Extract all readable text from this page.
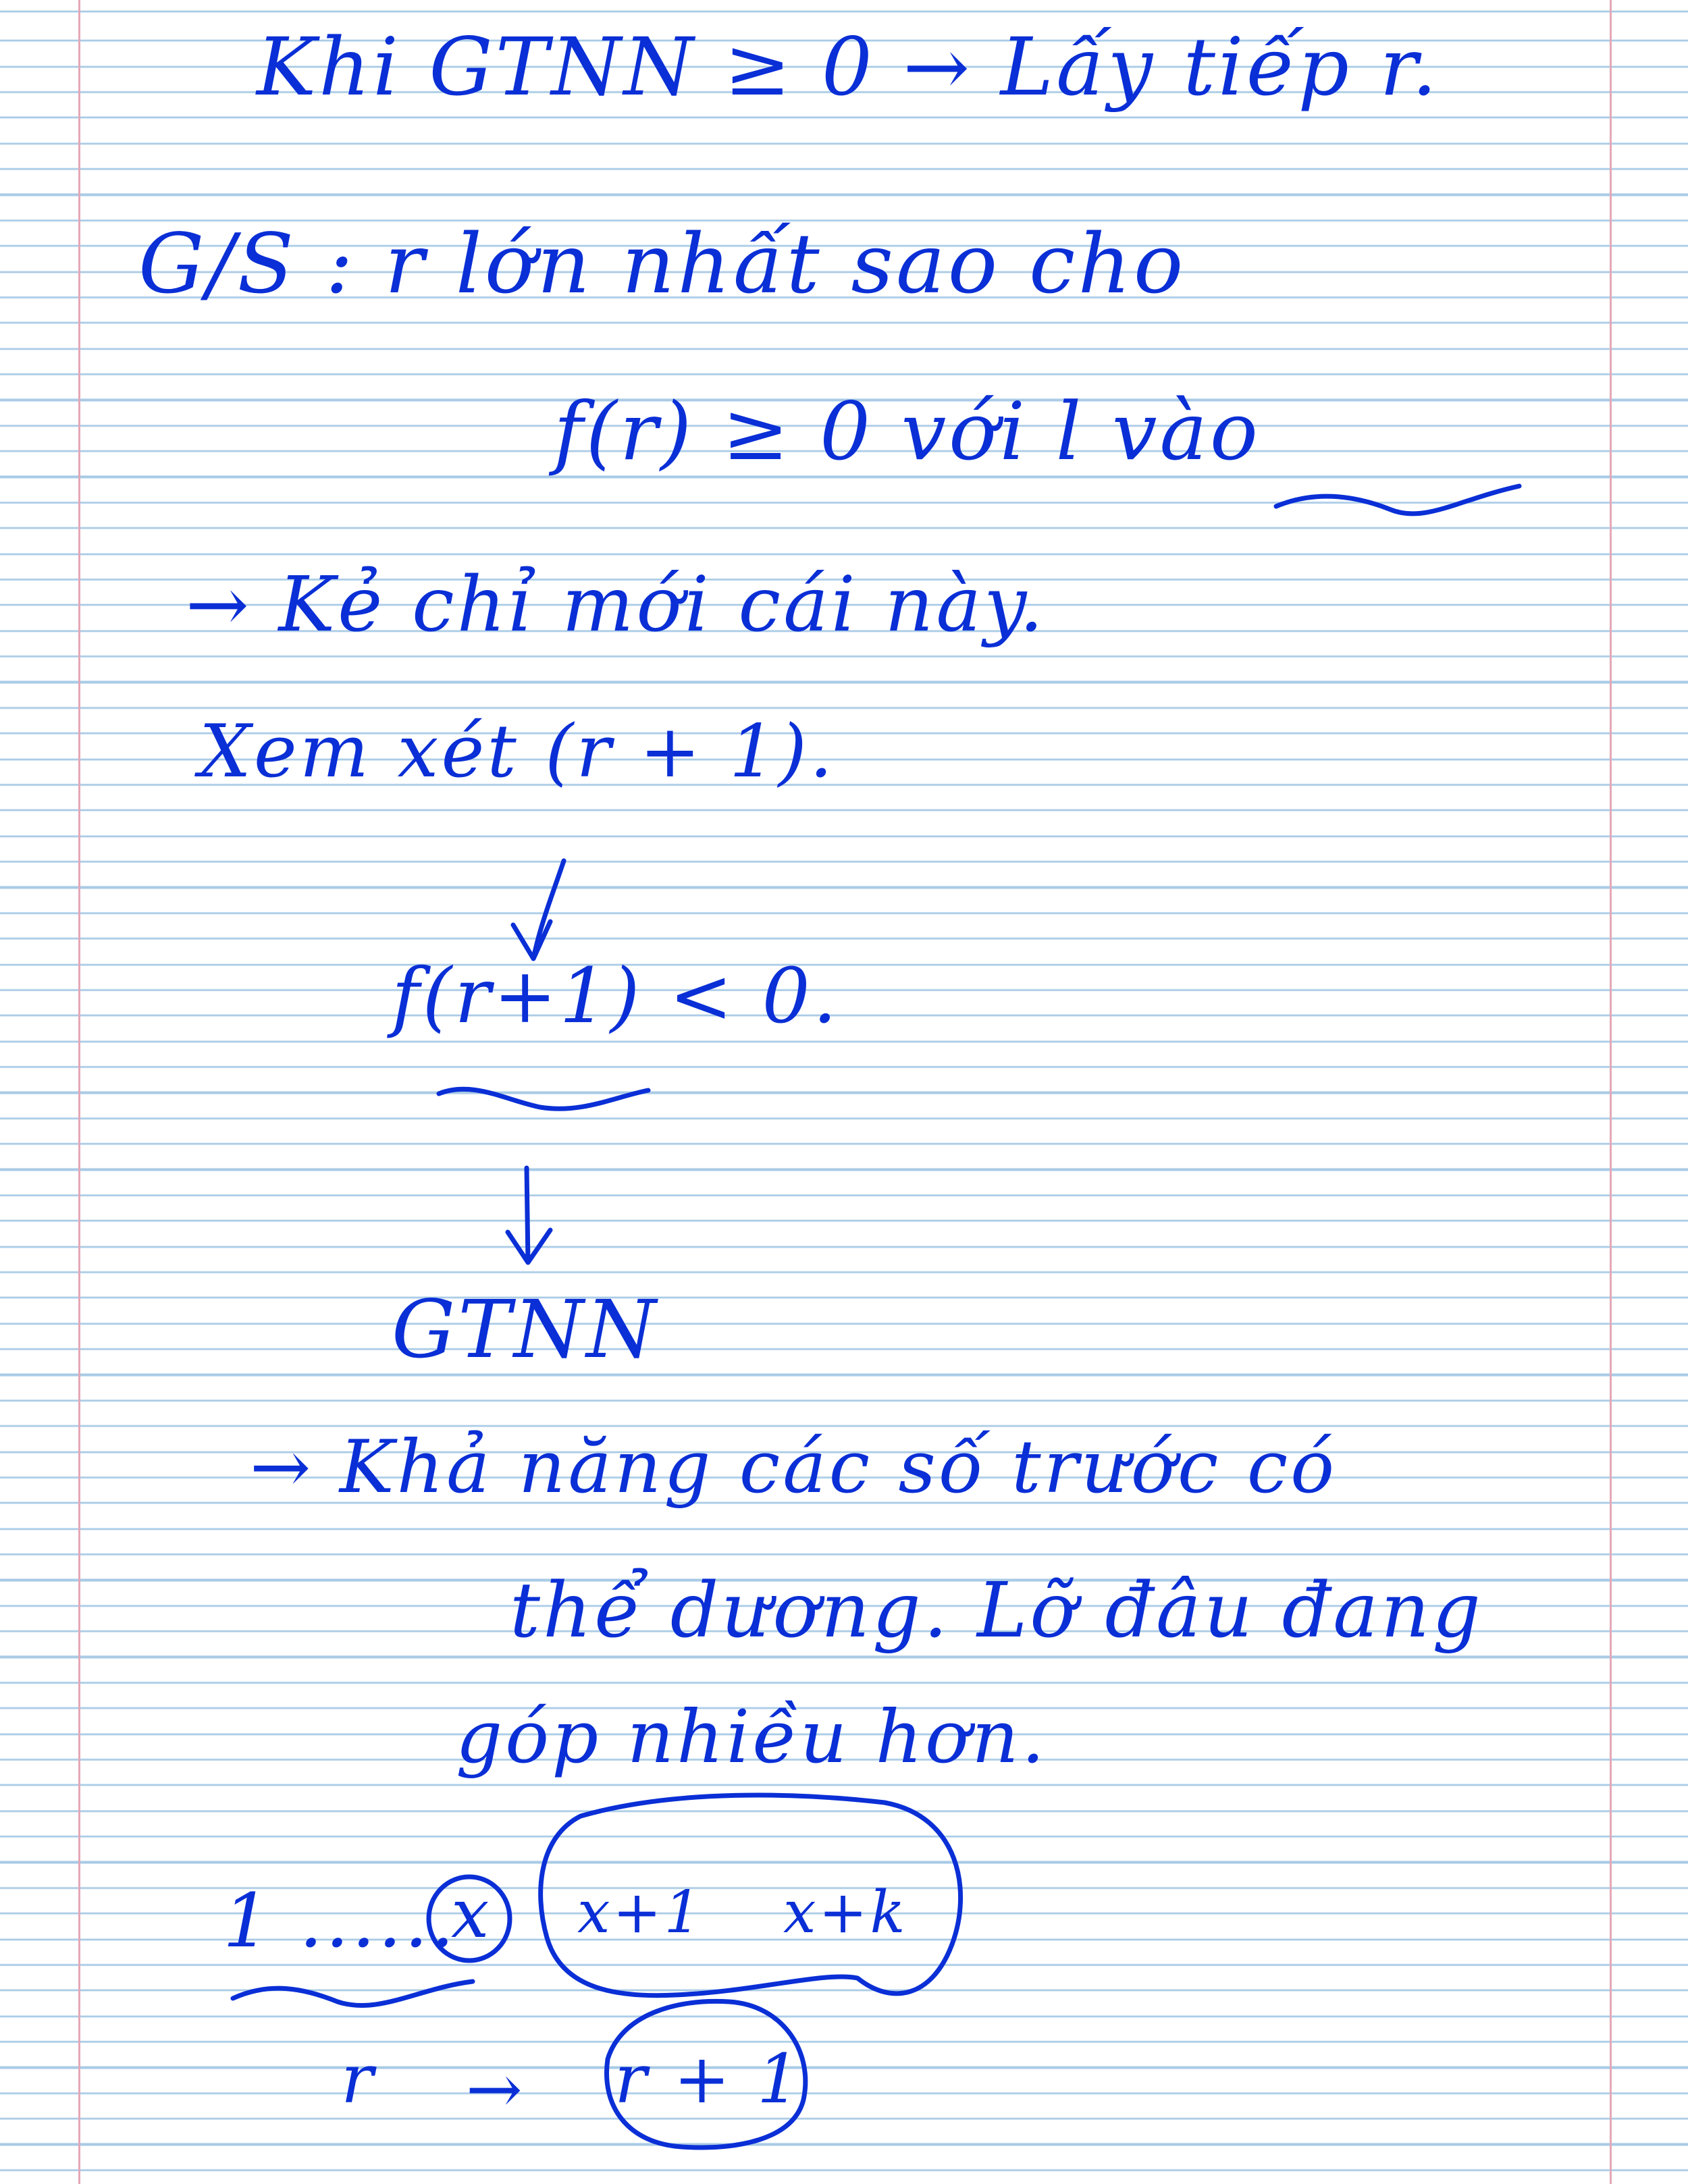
Khi GTNN ≥ 0 → Lấy tiếp r.
G/S : r lớn nhất sao cho
f(r) ≥ 0 với l vào
→ Kẻ chỉ mới cái này.
Xem xét (r + 1).
f(r+1) < 0.
GTNN
→ Khả năng các số trước có
thể dương. Lỡ đâu đang
góp nhiều hơn.
1 ......
x x+1 x+k
r → r + 1
